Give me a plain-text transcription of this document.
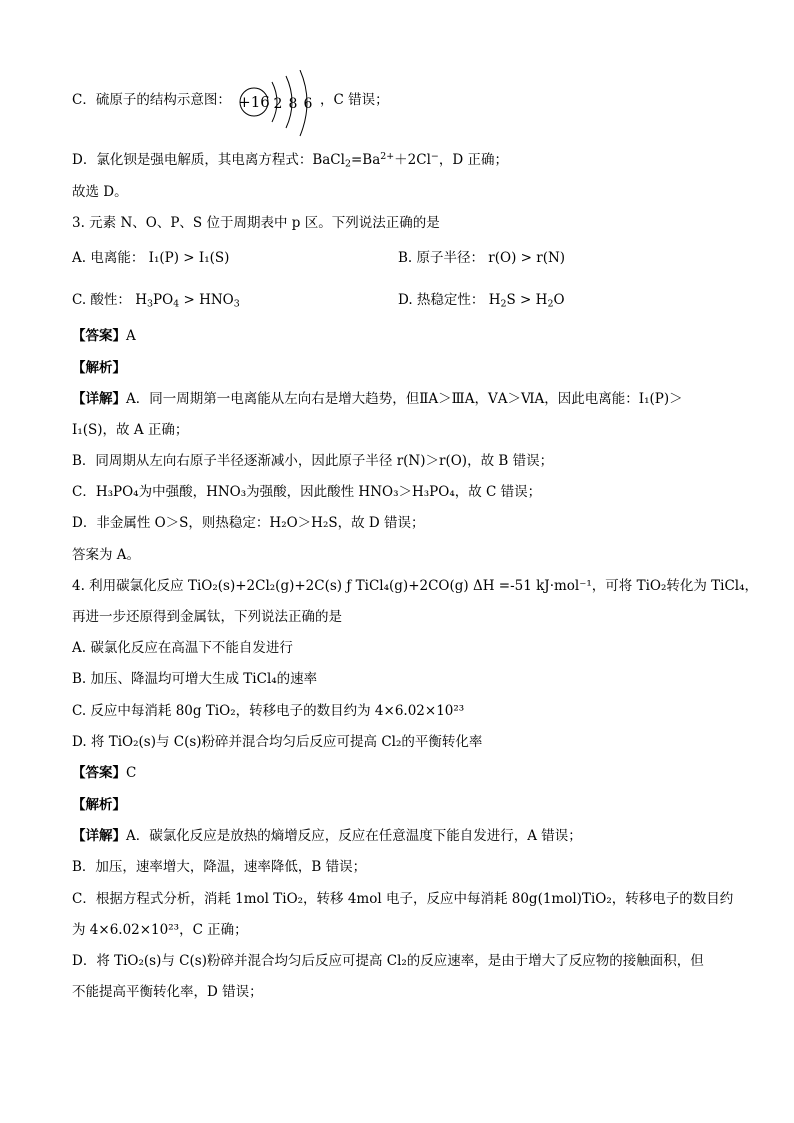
C．硫原子的结构示意图： +16 2 8 6 ，C 错误；
D．氯化钡是强电解质，其电离方程式：$BaCl_2=Ba^{2+}+2Cl^-$，D 正确；
故选 D。
3. 元素 N、O、P、S 位于周期表中 p 区。下列说法正确的是
A. 电离能： I₁(P) > I₁(S)	B. 原子半径： r(O) > r(N)
C. 酸性： $H_3PO_4 > HNO_3$	D. 热稳定性： $H_2S > H_2O$
【答案】A
【解析】
【详解】A．同一周期第一电离能从左向右是增大趋势，但ⅡA＞ⅢA，ⅤA＞ⅥA，因此电离能：I₁(P)＞
I₁(S)，故 A 正确；
B．同周期从左向右原子半径逐渐减小，因此原子半径 r(N)＞r(O)，故 B 错误；
C．H₃PO₄为中强酸，HNO₃为强酸，因此酸性 HNO₃＞H₃PO₄，故 C 错误；
D．非金属性 O＞S，则热稳定：H₂O＞H₂S，故 D 错误；
答案为 A。
4. 利用碳氯化反应 TiO₂(s)+2Cl₂(g)+2C(s) ƒ TiCl₄(g)+2CO(g) ΔH =-51 kJ·mol⁻¹，可将 TiO₂转化为 TiCl₄，
再进一步还原得到金属钛，下列说法正确的是
A. 碳氯化反应在高温下不能自发进行
B. 加压、降温均可增大生成 TiCl₄的速率
C. 反应中每消耗 80g TiO₂，转移电子的数目约为 4×6.02×10²³
D. 将 TiO₂(s)与 C(s)粉碎并混合均匀后反应可提高 Cl₂的平衡转化率
【答案】C
【解析】
【详解】A．碳氯化反应是放热的熵增反应，反应在任意温度下能自发进行，A 错误；
B．加压，速率增大，降温，速率降低，B 错误；
C．根据方程式分析，消耗 1mol TiO₂，转移 4mol 电子，反应中每消耗 80g(1mol)TiO₂，转移电子的数目约
为 4×6.02×10²³，C 正确；
D．将 TiO₂(s)与 C(s)粉碎并混合均匀后反应可提高 Cl₂的反应速率，是由于增大了反应物的接触面积，但
不能提高平衡转化率，D 错误；
